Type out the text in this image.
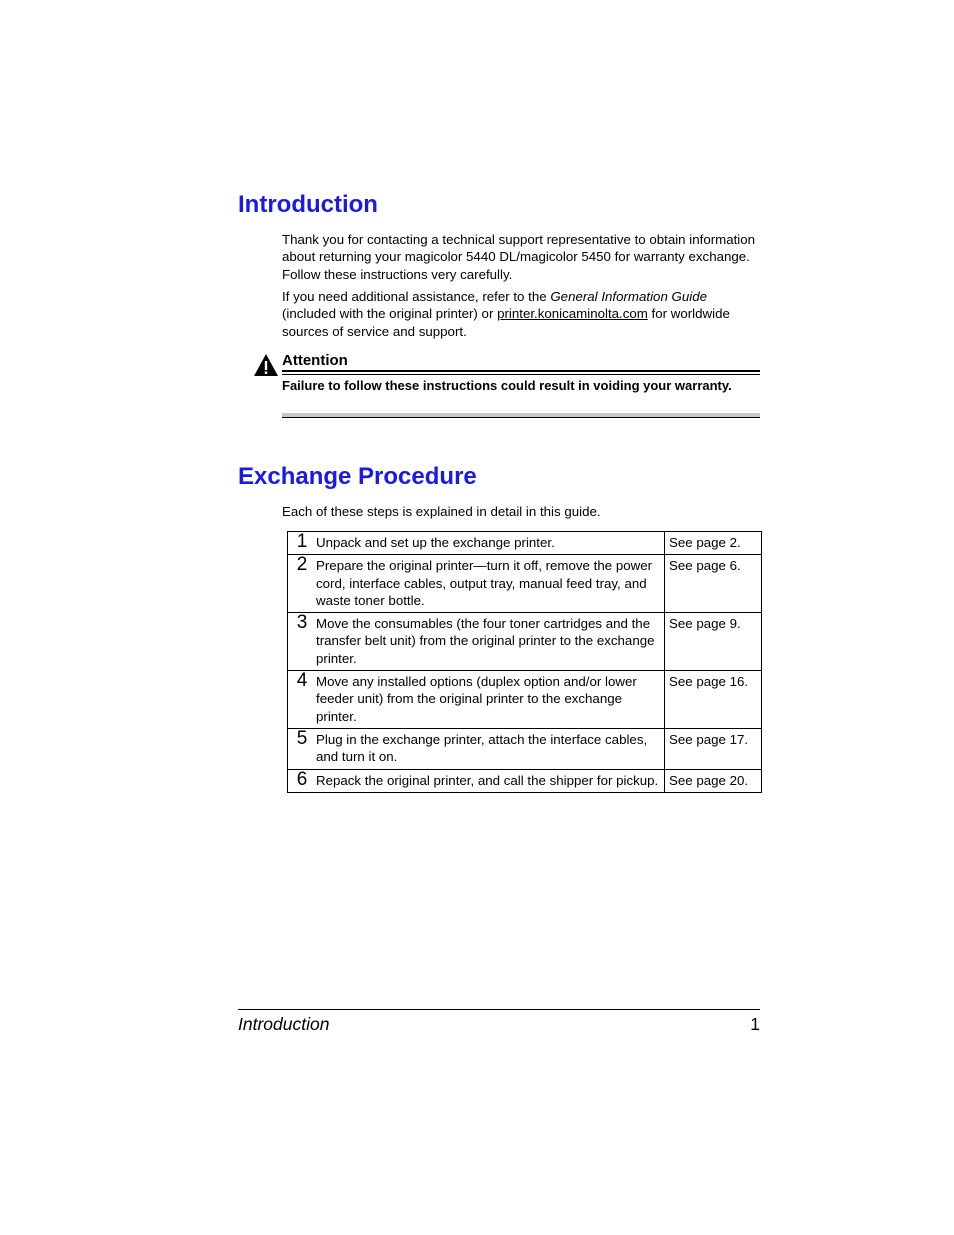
Introduction

Thank you for contacting a technical support representative to obtain information about returning your magicolor 5440 DL/magicolor 5450 for warranty exchange. Follow these instructions very carefully.

If you need additional assistance, refer to the General Information Guide (included with the original printer) or printer.konicaminolta.com for worldwide sources of service and support.

Attention
Failure to follow these instructions could result in voiding your warranty.
Exchange Procedure

Each of these steps is explained in detail in this guide.

1 Unpack and set up the exchange printer.	See page 2.

2 Prepare the original printer—turn it off, remove the power cord, interface cables, output tray, manual feed tray, and waste toner bottle.	See page 6.

3 Move the consumables (the four toner cartridges and the transfer belt unit) from the original printer to the exchange printer.	See page 9.

4 Move any installed options (duplex option and/or lower feeder unit) from the original printer to the exchange printer.	See page 16.

5 Plug in the exchange printer, attach the interface cables, and turn it on.	See page 17.

6 Repack the original printer, and call the shipper for pickup.	See page 20.
Introduction	1
